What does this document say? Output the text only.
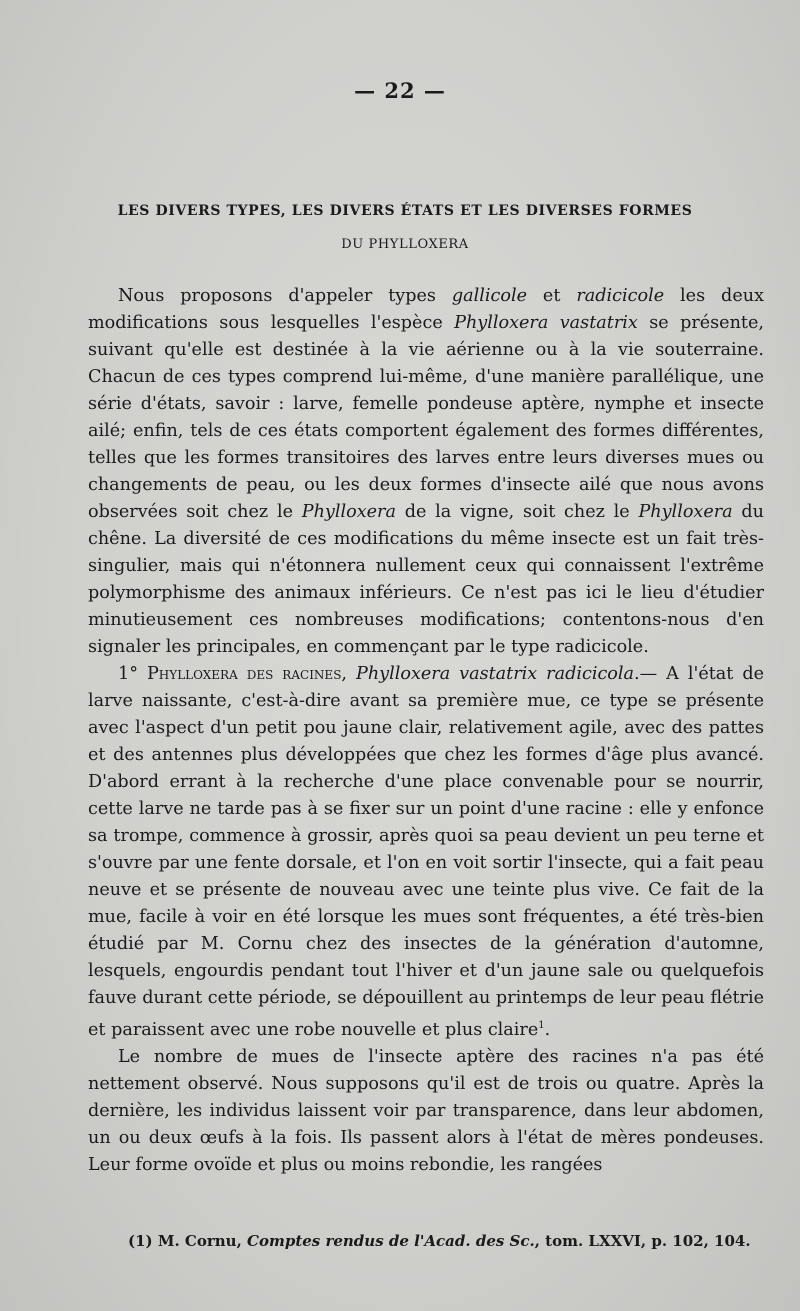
— 22 —
LES DIVERS TYPES, LES DIVERS ÉTATS ET LES DIVERSES FORMES
DU PHYLLOXERA

Nous proposons d'appeler types gallicole et radicicole les deux modifications sous lesquelles l'espèce Phylloxera vastatrix se présente, suivant qu'elle est destinée à la vie aérienne ou à la vie souterraine. Chacun de ces types comprend lui-même, d'une manière parallélique, une série d'états, savoir : larve, femelle pondeuse aptère, nymphe et insecte ailé; enfin, tels de ces états comportent également des formes différentes, telles que les formes transitoires des larves entre leurs diverses mues ou changements de peau, ou les deux formes d'insecte ailé que nous avons observées soit chez le Phylloxera de la vigne, soit chez le Phylloxera du chêne. La diversité de ces modifications du même insecte est un fait très-singulier, mais qui n'étonnera nullement ceux qui connaissent l'extrême polymorphisme des animaux inférieurs. Ce n'est pas ici le lieu d'étudier minutieusement ces nombreuses modifications; contentons-nous d'en signaler les principales, en commençant par le type radicicole.

1° Phylloxera des racines, Phylloxera vastatrix radicicola.— A l'état de larve naissante, c'est-à-dire avant sa première mue, ce type se présente avec l'aspect d'un petit pou jaune clair, relativement agile, avec des pattes et des antennes plus développées que chez les formes d'âge plus avancé. D'abord errant à la recherche d'une place convenable pour se nourrir, cette larve ne tarde pas à se fixer sur un point d'une racine : elle y enfonce sa trompe, commence à grossir, après quoi sa peau devient un peu terne et s'ouvre par une fente dorsale, et l'on en voit sortir l'insecte, qui a fait peau neuve et se présente de nouveau avec une teinte plus vive. Ce fait de la mue, facile à voir en été lorsque les mues sont fréquentes, a été très-bien étudié par M. Cornu chez des insectes de la génération d'automne, lesquels, engourdis pendant tout l'hiver et d'un jaune sale ou quelquefois fauve durant cette période, se dépouillent au printemps de leur peau flétrie et paraissent avec une robe nouvelle et plus claire$^1$.

Le nombre de mues de l'insecte aptère des racines n'a pas été nettement observé. Nous supposons qu'il est de trois ou quatre. Après la dernière, les individus laissent voir par transparence, dans leur abdomen, un ou deux œufs à la fois. Ils passent alors à l'état de mères pondeuses. Leur forme ovoïde et plus ou moins rebondie, les rangées

(1) M. Cornu, Comptes rendus de l'Acad. des Sc., tom. LXXVI, p. 102, 104.
